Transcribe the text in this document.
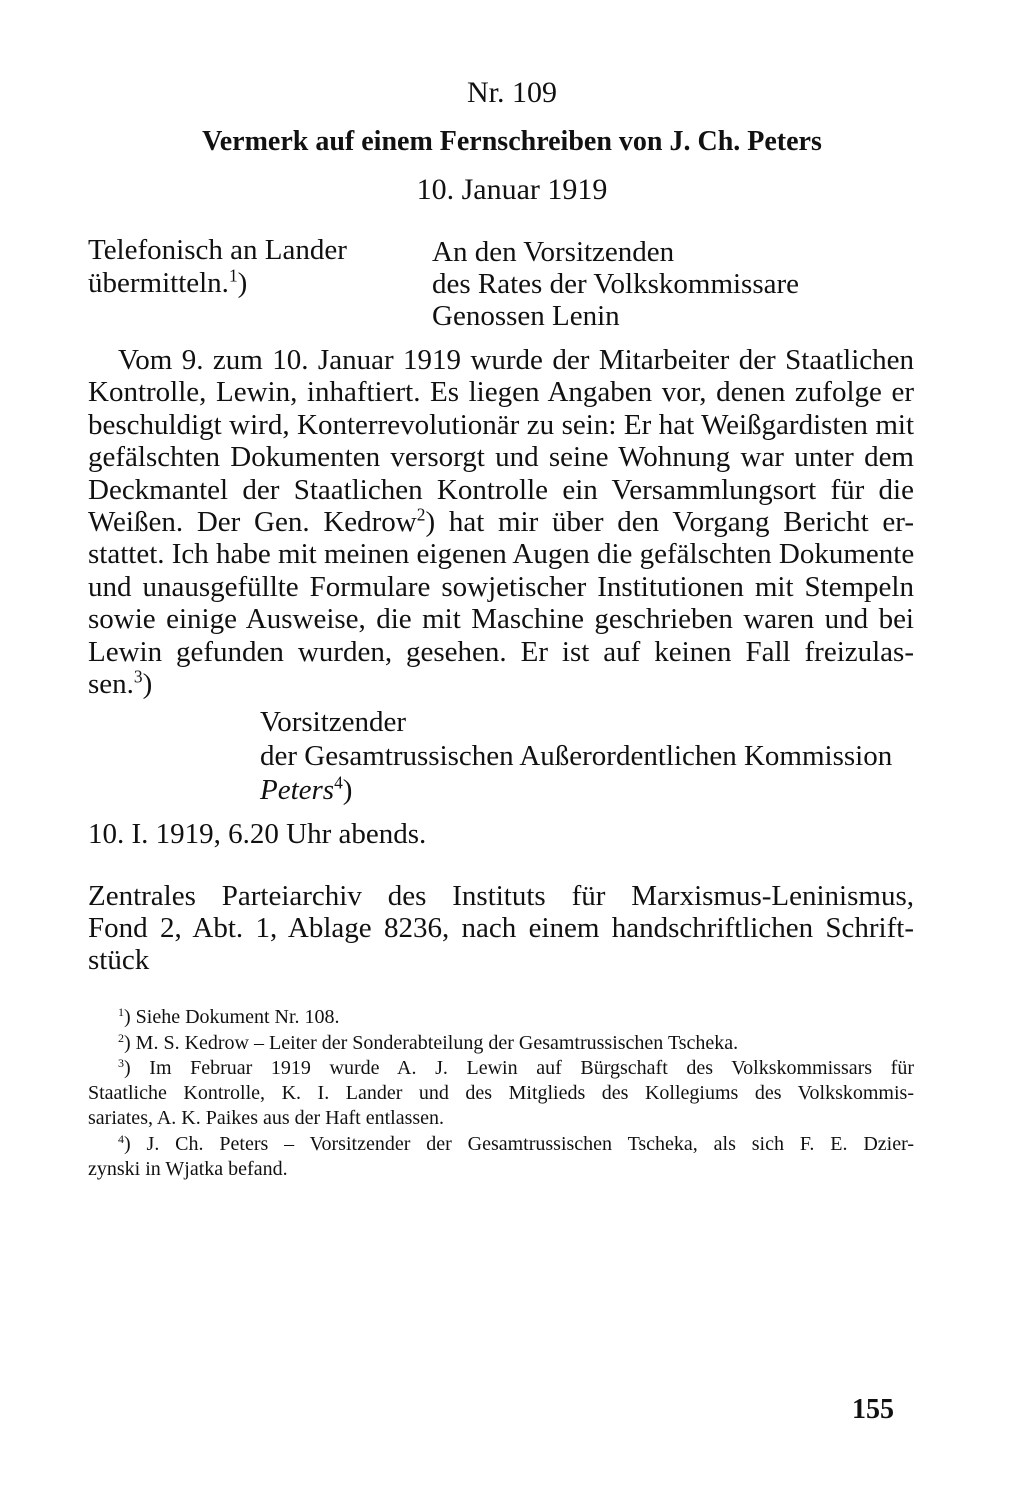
Nr. 109
Vermerk auf einem Fernschreiben von J. Ch. Peters
10. Januar 1919
Telefonisch an Lander
übermitteln.$^1$)
An den Vorsitzenden
des Rates der Volkskommissare
Genossen Lenin
Vom 9. zum 10. Januar 1919 wurde der Mitarbeiter der Staatlichen
Kontrolle, Lewin, inhaftiert. Es liegen Angaben vor, denen zufolge er
beschuldigt wird, Konterrevolutionär zu sein: Er hat Weißgardisten mit
gefälschten Dokumenten versorgt und seine Wohnung war unter dem
Deckmantel der Staatlichen Kontrolle ein Versammlungsort für die
Weißen. Der Gen. Kedrow$^2$) hat mir über den Vorgang Bericht er-
stattet. Ich habe mit meinen eigenen Augen die gefälschten Dokumente
und unausgefüllte Formulare sowjetischer Institutionen mit Stempeln
sowie einige Ausweise, die mit Maschine geschrieben waren und bei
Lewin gefunden wurden, gesehen. Er ist auf keinen Fall freizulas-
sen.$^3$)
Vorsitzender
der Gesamtrussischen Außerordentlichen Kommission
Peters$^4$)
10. I. 1919, 6.20 Uhr abends.
Zentrales Parteiarchiv des Instituts für Marxismus-Leninismus,
Fond 2, Abt. 1, Ablage 8236, nach einem handschriftlichen Schrift-
stück
$^1$) Siehe Dokument Nr. 108.
$^2$) M. S. Kedrow – Leiter der Sonderabteilung der Gesamtrussischen Tscheka.
$^3$) Im Februar 1919 wurde A. J. Lewin auf Bürgschaft des Volkskommissars für
Staatliche Kontrolle, K. I. Lander und des Mitglieds des Kollegiums des Volkskommis-
sariates, A. K. Paikes aus der Haft entlassen.
$^4$) J. Ch. Peters – Vorsitzender der Gesamtrussischen Tscheka, als sich F. E. Dzier-
zynski in Wjatka befand.
155
